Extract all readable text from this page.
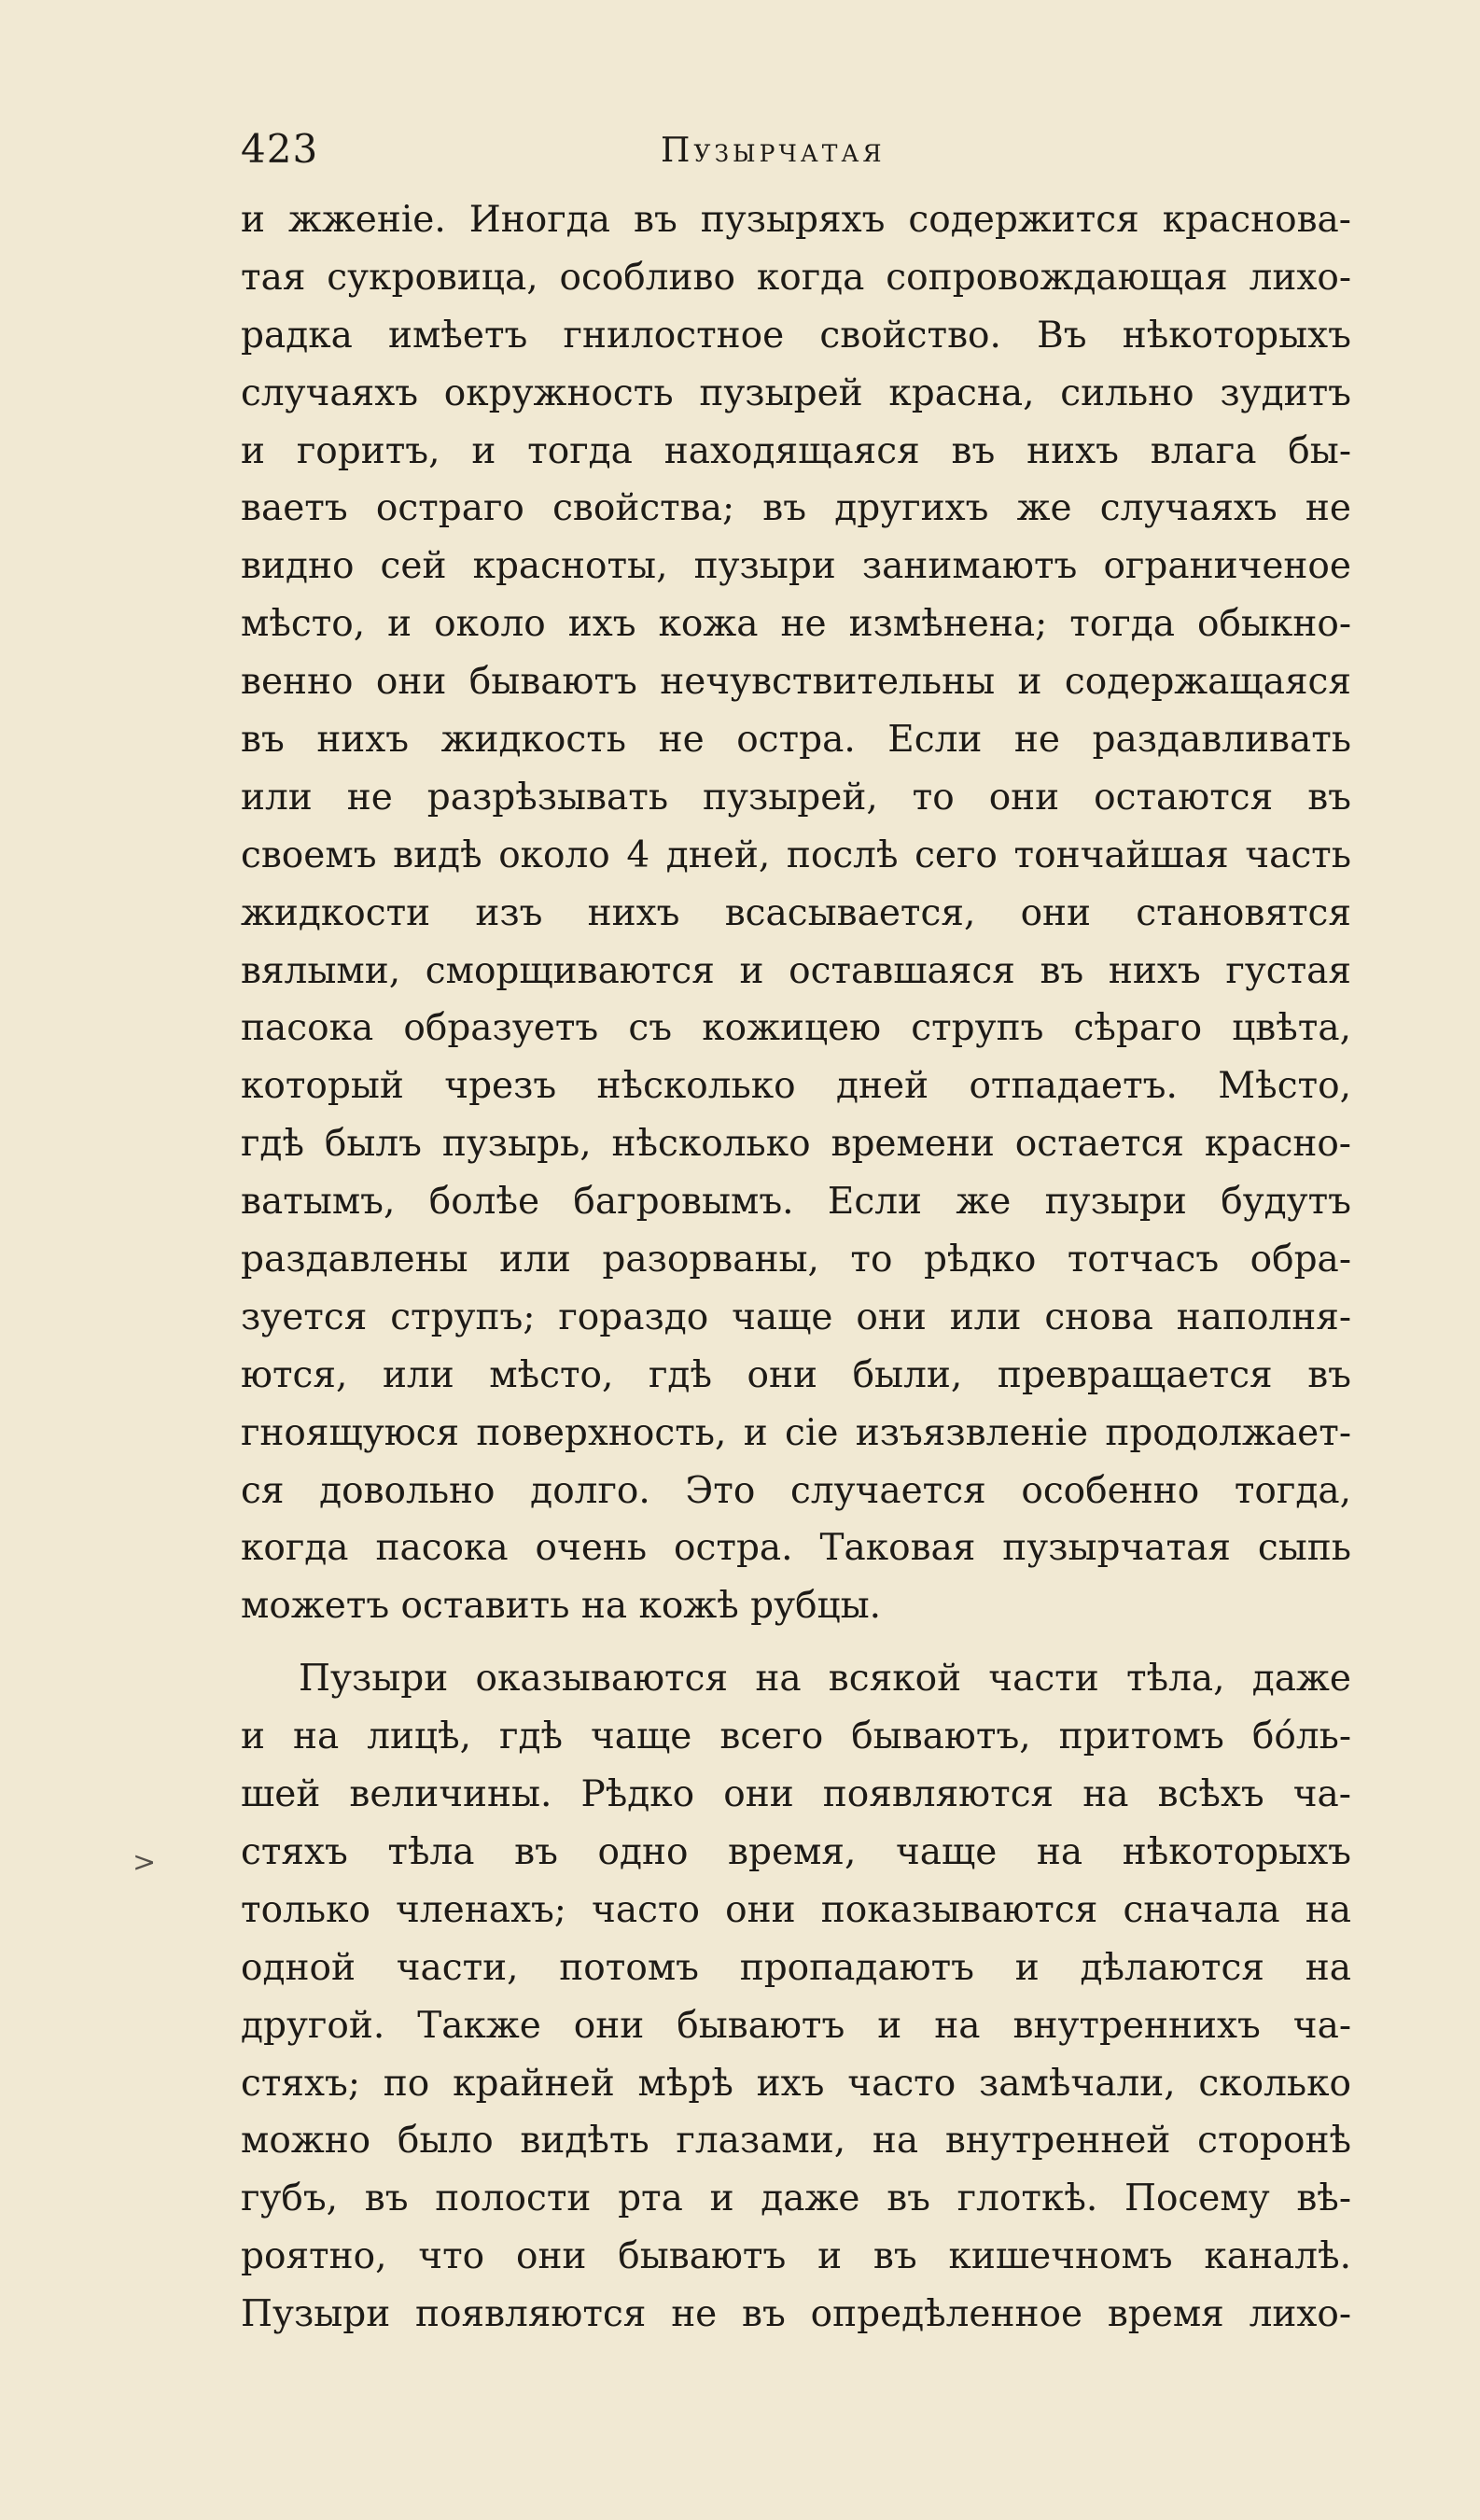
423	Пузырчатая
>
и жженіе. Иногда въ пузыряхъ содержится краснова-
тая сукровица, особливо когда сопровождающая лихо-
радка имѣетъ гнилостное свойство. Въ нѣкоторыхъ
случаяхъ окружность пузырей красна, сильно зудитъ
и горитъ, и тогда находящаяся въ нихъ влага бы-
ваетъ остраго свойства; въ другихъ же случаяхъ не
видно сей красноты, пузыри занимаютъ ограниченое
мѣсто, и около ихъ кожа не измѣнена; тогда обыкно-
венно они бываютъ нечувствительны и содержащаяся
въ нихъ жидкость не остра. Если не раздавливать
или не разрѣзывать пузырей, то они остаются въ
своемъ видѣ около 4 дней, послѣ сего тончайшая часть
жидкости изъ нихъ всасывается, они становятся
вялыми, сморщиваются и оставшаяся въ нихъ густая
пасока образуетъ съ кожицею струпъ сѣраго цвѣта,
который чрезъ нѣсколько дней отпадаетъ. Мѣсто,
гдѣ былъ пузырь, нѣсколько времени остается красно-
ватымъ, болѣе багровымъ. Если же пузыри будутъ
раздавлены или разорваны, то рѣдко тотчасъ обра-
зуется струпъ; гораздо чаще они или снова наполня-
ются, или мѣсто, гдѣ они были, превращается въ
гноящуюся поверхность, и сіе изъязвленіе продолжает-
ся довольно долго. Это случается особенно тогда,
когда пасока очень остра. Таковая пузырчатая сыпь
можетъ оставить на кожѣ рубцы.
Пузыри оказываются на всякой части тѣла, даже
и на лицѣ, гдѣ чаще всего бываютъ, притомъ бóль-
шей величины. Рѣдко они появляются на всѣхъ ча-
стяхъ тѣла въ одно время, чаще на нѣкоторыхъ
только членахъ; часто они показываются сначала на
одной части, потомъ пропадаютъ и дѣлаются на
другой. Также они бываютъ и на внутреннихъ ча-
стяхъ; по крайней мѣрѣ ихъ часто замѣчали, сколько
можно было видѣть глазами, на внутренней сторонѣ
губъ, въ полости рта и даже въ глоткѣ. Посему вѣ-
роятно, что они бываютъ и въ кишечномъ каналѣ.
Пузыри появляются не въ опредѣленное время лихо-
